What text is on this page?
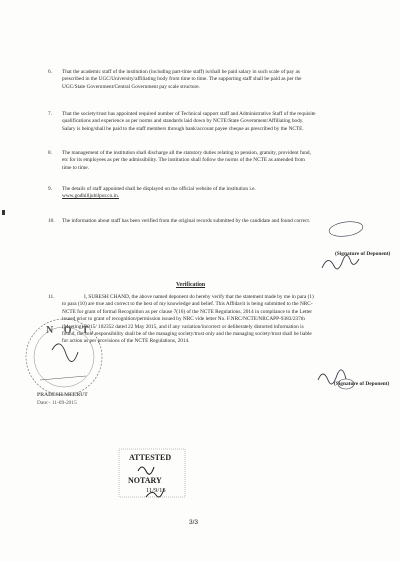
6. That the academic staff of the institution (including part-time staff) is/shall be paid salary in such scale of pay as
prescribed in the UGC/University/affiliating body from time to time. The supporting staff shall be paid as per the
UGC/State Government/Central Government pay scale structure.
7. That the society/trust has appointed required number of Technical support staff and Administrative Staff of the requisite
qualifications and experience as per norms and standards laid down by NCTE/State Government/Affiliating body.
Salary is being/shall be paid to the staff members through bank/account payee cheque as prescribed by the NCTE.
8. The management of the institution shall discharge all the statutory duties relating to pension, gratuity, provident fund,
etc for its employees as per the admissibility. The institution shall follow the norms of the NCTE as amended from
time to time.
9. The details of staff appointed shall be displayed on the official website of the institution i.e.
www.godhilljubilpur.co.in.
10. The information about staff has been verified from the original records submitted by the candidate and found correct.
(Signature of Deponent)
Verification
11.	I, SURESH CHAND, the above named deponent do hereby verify that the statement made by me in para (1)
to para (10) are true and correct to the best of my knowledge and belief. This Affidavit is being submitted to the NRC-
NCTE for grant of formal Recognition as per clause 7(16) of the NCTE Regulations, 2014 in compliance to the Letter
issued prior to grant of recognition/permission issued by NRC vide letter No. F.NRC/NCTE/NRCAPP-9383/237th
(Meeting)/2015/ 102352 dated 22 May 2015, and if any variation/incorrect or deliberately distorted information is
found, the sole responsibility shall be of the managing society/trust only and the managing society/trust shall be liable
for action as per provisions of the NCTE Regulations, 2014.
(Signature of Deponent)
N O T
PRADESH MEERUT
Date:- 11-09-2015
ATTESTED
NOTARY
11/9/15
3/3
